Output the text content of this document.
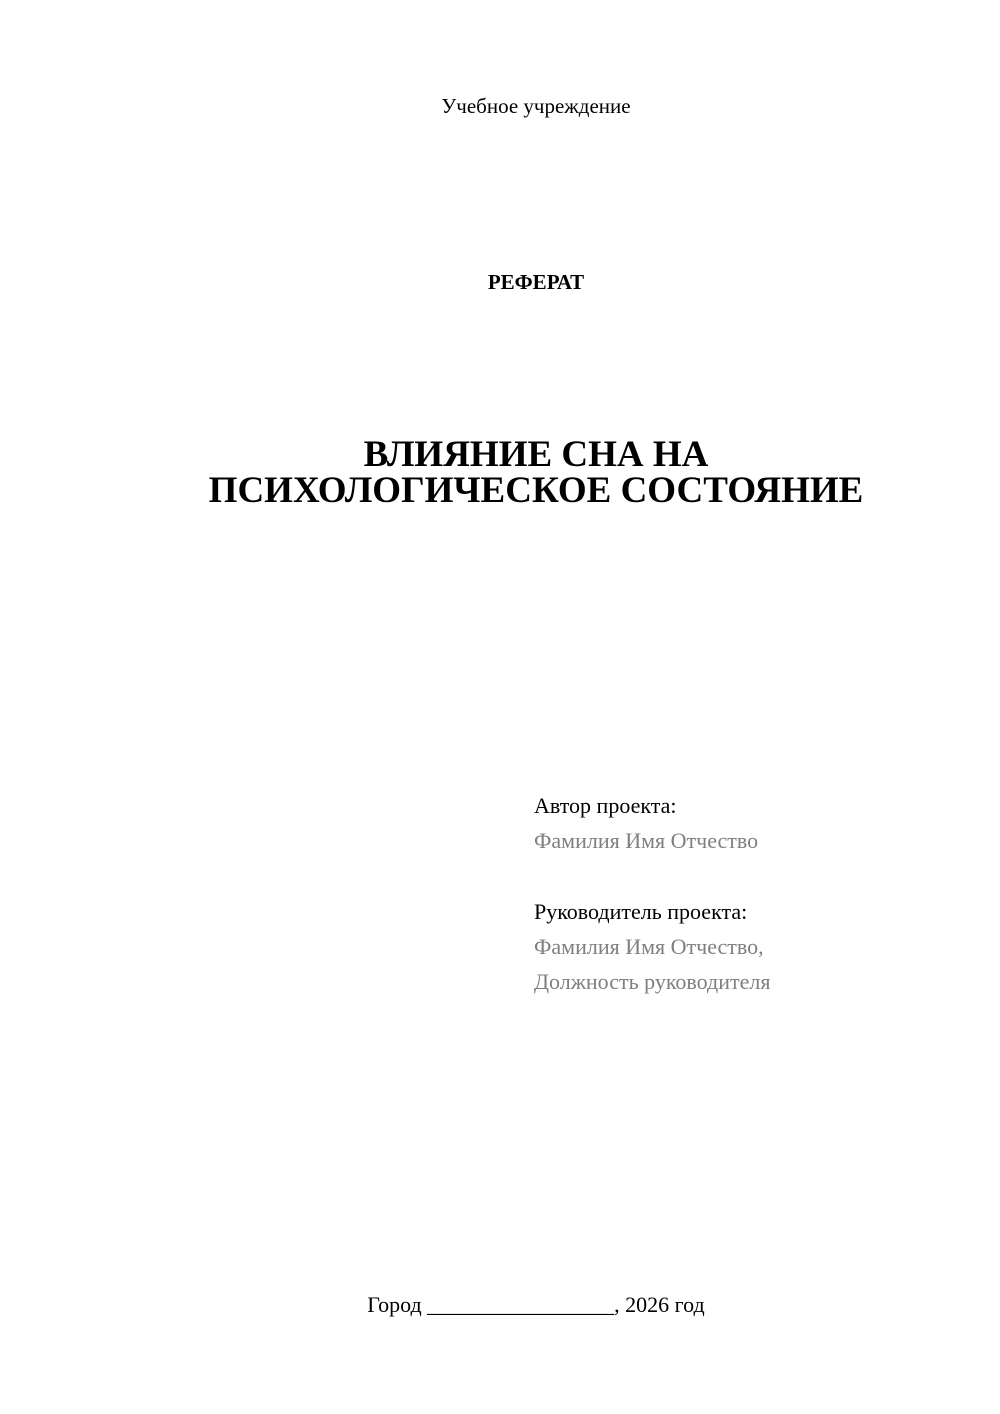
Учебное учреждение
РЕФЕРАТ
ВЛИЯНИЕ СНА НА
ПСИХОЛОГИЧЕСКОЕ СОСТОЯНИЕ
Автор проекта:
Фамилия Имя Отчество
Руководитель проекта:
Фамилия Имя Отчество,
Должность руководителя
Город _________________, 2026 год
